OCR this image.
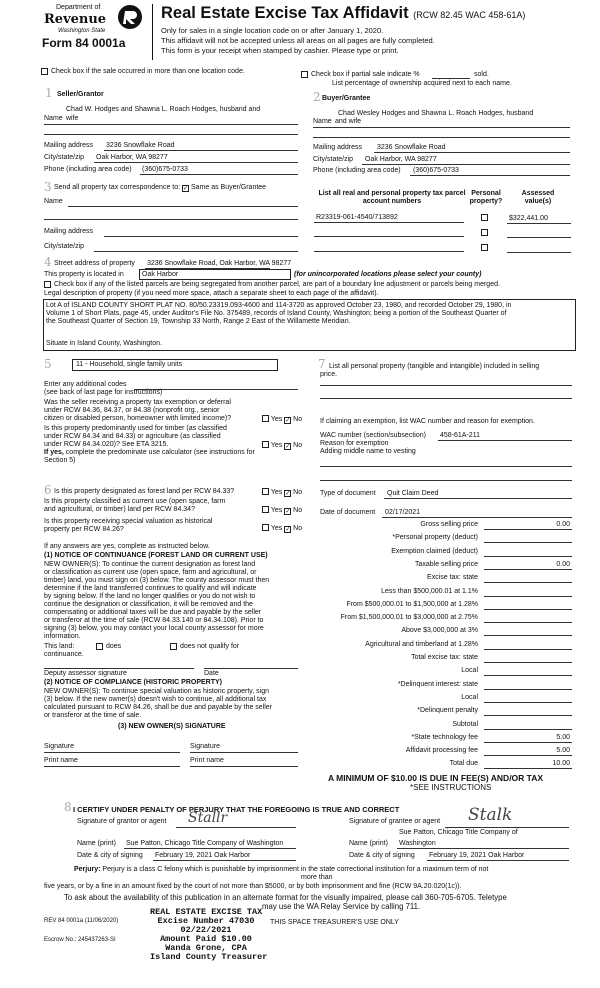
Department of
Revenue
Washington State
Form 84 0001a
Real Estate Excise Tax Affidavit (RCW 82.45 WAC 458-61A)
Only for sales in a single location code on or after January 1, 2020.
This affidavit will not be accepted unless all areas on all pages are fully completed.
This form is your receipt when stamped by cashier. Please type or print.
Check box if the sale occurred in more than one location code.	Check box if partial sale indicate %	sold.
List percentage of ownership acquired next to each name.
1 Seller/Grantor
Chad W. Hodges and Shawna L. Roach Hodges, husband and
Name wife
Mailing address 3236 Snowflake Road
City/state/zip Oak Harbor, WA 98277
Phone (including area code) (360)675-0733
2 Buyer/Grantee
Chad Wesley Hodges and Shawna L. Roach Hodges, husband
Name and wife
Mailing address 3236 Snowflake Road
City/state/zip Oak Harbor, WA 98277
Phone (including area code) (360)675-0733
3 Send all property tax correspondence to: ✓ Same as Buyer/Grantee
Name
Mailing address
City/state/zip
List all real and personal property tax parcel account numbers
Personal property?
Assessed value(s)
R23319-061-4540/713892	$322,441.00
4 Street address of property 3236 Snowflake Road, Oak Harbor, WA 98277
This property is located in	Oak Harbor	(for unincorporated locations please select your county)
Check box if any of the listed parcels are being segregated from another parcel, are part of a boundary line adjustment or parcels being merged.
Legal description of property (if you need more space, attach a separate sheet to each page of the affidavit).
Lot A of ISLAND COUNTY SHORT PLAT NO. 80/50.23319.093-4600 and 114-3720 as approved October 23, 1980, and recorded October 29, 1980, in
Volume 1 of Short Plats, page 45, under Auditor's File No. 375489, records of Island County, Washington; being a portion of the Southeast Quarter of
the Southeast Quarter of Section 19, Township 33 North, Range 2 East of the Willamette Meridian.
Situate in Island County, Washington.
5	11 - Household, single family units
Enter any additional codes
(see back of last page for instructions)
Was the seller receiving a property tax exemption or deferral
under RCW 84.36, 84.37, or 84.38 (nonprofit org., senior
citizen or disabled person, homeowner with limited income)?	Yes ✓ No
Is this property predominantly used for timber (as classified
under RCW 84.34 and 84.33) or agriculture (as classified
under RCW 84.34.020)? See ETA 3215.	Yes ✓ No
If yes, complete the predominate use calculator (see instructions for
Section 5)
6 Is this property designated as forest land per RCW 84.33?	Yes ✓ No
Is this property classified as current use (open space, farm
and agricultural, or timber) land per RCW 84.34?	Yes ✓ No
Is this property receiving special valuation as historical
property per RCW 84.26?	Yes ✓ No
If any answers are yes, complete as instructed below.
(1) NOTICE OF CONTINUANCE (FOREST LAND OR CURRENT USE)
NEW OWNER(S): To continue the current designation as forest land
or classification as current use (open space, farm and agricultural, or
timber) land, you must sign on (3) below. The county assessor must then
determine if the land transferred continues to qualify and will indicate
by signing below. If the land no longer qualifies or you do not wish to
continue the designation or classification, it will be removed and the
compensating or additional taxes will be due and payable by the seller
or transferor at the time of sale (RCW 84.33.140 or 84.34.108). Prior to
signing (3) below, you may contact your local county assessor for more
information.
This land:	does	does not qualify for
continuance.
Deputy assessor signature	Date
(2) NOTICE OF COMPLIANCE (HISTORIC PROPERTY)
NEW OWNER(S): To continue special valuation as historic property, sign
(3) below. If the new owner(s) doesn't wish to continue, all additional tax
calculated pursuant to RCW 84.26, shall be due and payable by the seller
or transferor at the time of sale.
(3) NEW OWNER(S) SIGNATURE
Signature	Signature
Print name	Print name
7 List all personal property (tangible and intangible) included in selling
price.
If claiming an exemption, list WAC number and reason for exemption.
WAC number (section/subsection) 458-61A-211
Reason for exemption
Adding middle name to vesting
Type of document Quit Claim Deed
Date of document 02/17/2021
Gross selling price	0.00
*Personal property (deduct)
Exemption claimed (deduct)
Taxable selling price	0.00
Excise tax: state
Less than $500,000.01 at 1.1%
From $500,000.01 to $1,500,000 at 1.28%
From $1,500,000.01 to $3,000,000 at 2.75%
Above $3,000,000 at 3%
Agricultural and timberland at 1.28%
Total excise tax: state
Local
*Delinquent interest: state
Local
*Delinquent penalty
Subtotal
*State technology fee	5.00
Affidavit processing fee	5.00
Total due	10.00
A MINIMUM OF $10.00 IS DUE IN FEE(S) AND/OR TAX
*SEE INSTRUCTIONS
8 I CERTIFY UNDER PENALTY OF PERJURY THAT THE FOREGOING IS TRUE AND CORRECT
Signature of grantor or agent Stallr	Signature of grantee or agent Stalk
Sue Patton, Chicago Title Company of
Name (print) Sue Patton, Chicago Title Company of Washington	Name (print) Washington
Date & city of signing February 19, 2021 Oak Harbor	Date & city of signing February 19, 2021 Oak Harbor
Perjury: Perjury is a class C felony which is punishable by imprisonment in the state correctional institution for a maximum term of not
more than
five years, or by a fine in an amount fixed by the court of not more than $5000, or by both imprisonment and fine (RCW 9A.20.020(1c)).
To ask about the availability of this publication in an alternate format for the visually impaired, please call 360-705-6705. Teletype
may use the WA Relay Service by calling 711.
REV 84 0001a (11/06/2020)
Escrow No.: 245437263-SI
THIS SPACE TREASURER'S USE ONLY
REAL ESTATE EXCISE TAX
Excise Number 47030
02/22/2021
Amount Paid $10.00
Wanda Grone, CPA
Island County Treasurer
